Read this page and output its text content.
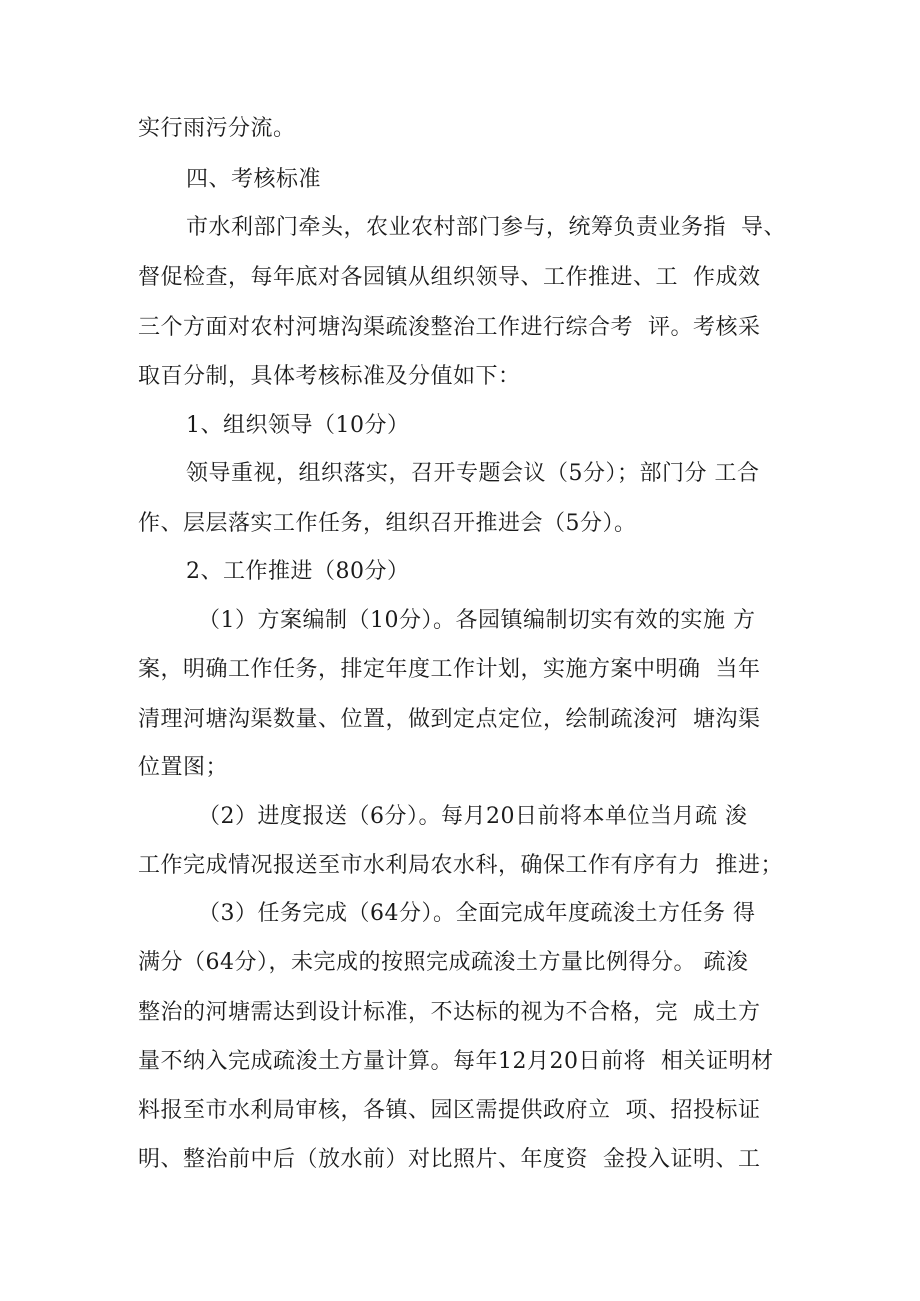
实行雨污分流。
四、考核标准
市水利部门牵头，农业农村部门参与，统筹负责业务指  导、
督促检查，每年底对各园镇从组织领导、工作推进、工  作成效
三个方面对农村河塘沟渠疏浚整治工作进行综合考  评。考核采
取百分制，具体考核标准及分值如下：
1、组织领导（10分）
领导重视，组织落实，召开专题会议（5分）；部门分 工合
作、层层落实工作任务，组织召开推进会（5分）。
2、工作推进（80分）
（1）方案编制（10分）。各园镇编制切实有效的实施 方
案，明确工作任务，排定年度工作计划，实施方案中明确  当年
清理河塘沟渠数量、位置，做到定点定位，绘制疏浚河  塘沟渠
位置图；
（2）进度报送（6分）。每月20日前将本单位当月疏 浚
工作完成情况报送至市水利局农水科，确保工作有序有力  推进；
（3）任务完成（64分）。全面完成年度疏浚土方任务 得
满分（64分），未完成的按照完成疏浚土方量比例得分。 疏浚
整治的河塘需达到设计标准，不达标的视为不合格，完  成土方
量不纳入完成疏浚土方量计算。每年12月20日前将  相关证明材
料报至市水利局审核，各镇、园区需提供政府立  项、招投标证
明、整治前中后（放水前）对比照片、年度资  金投入证明、工
